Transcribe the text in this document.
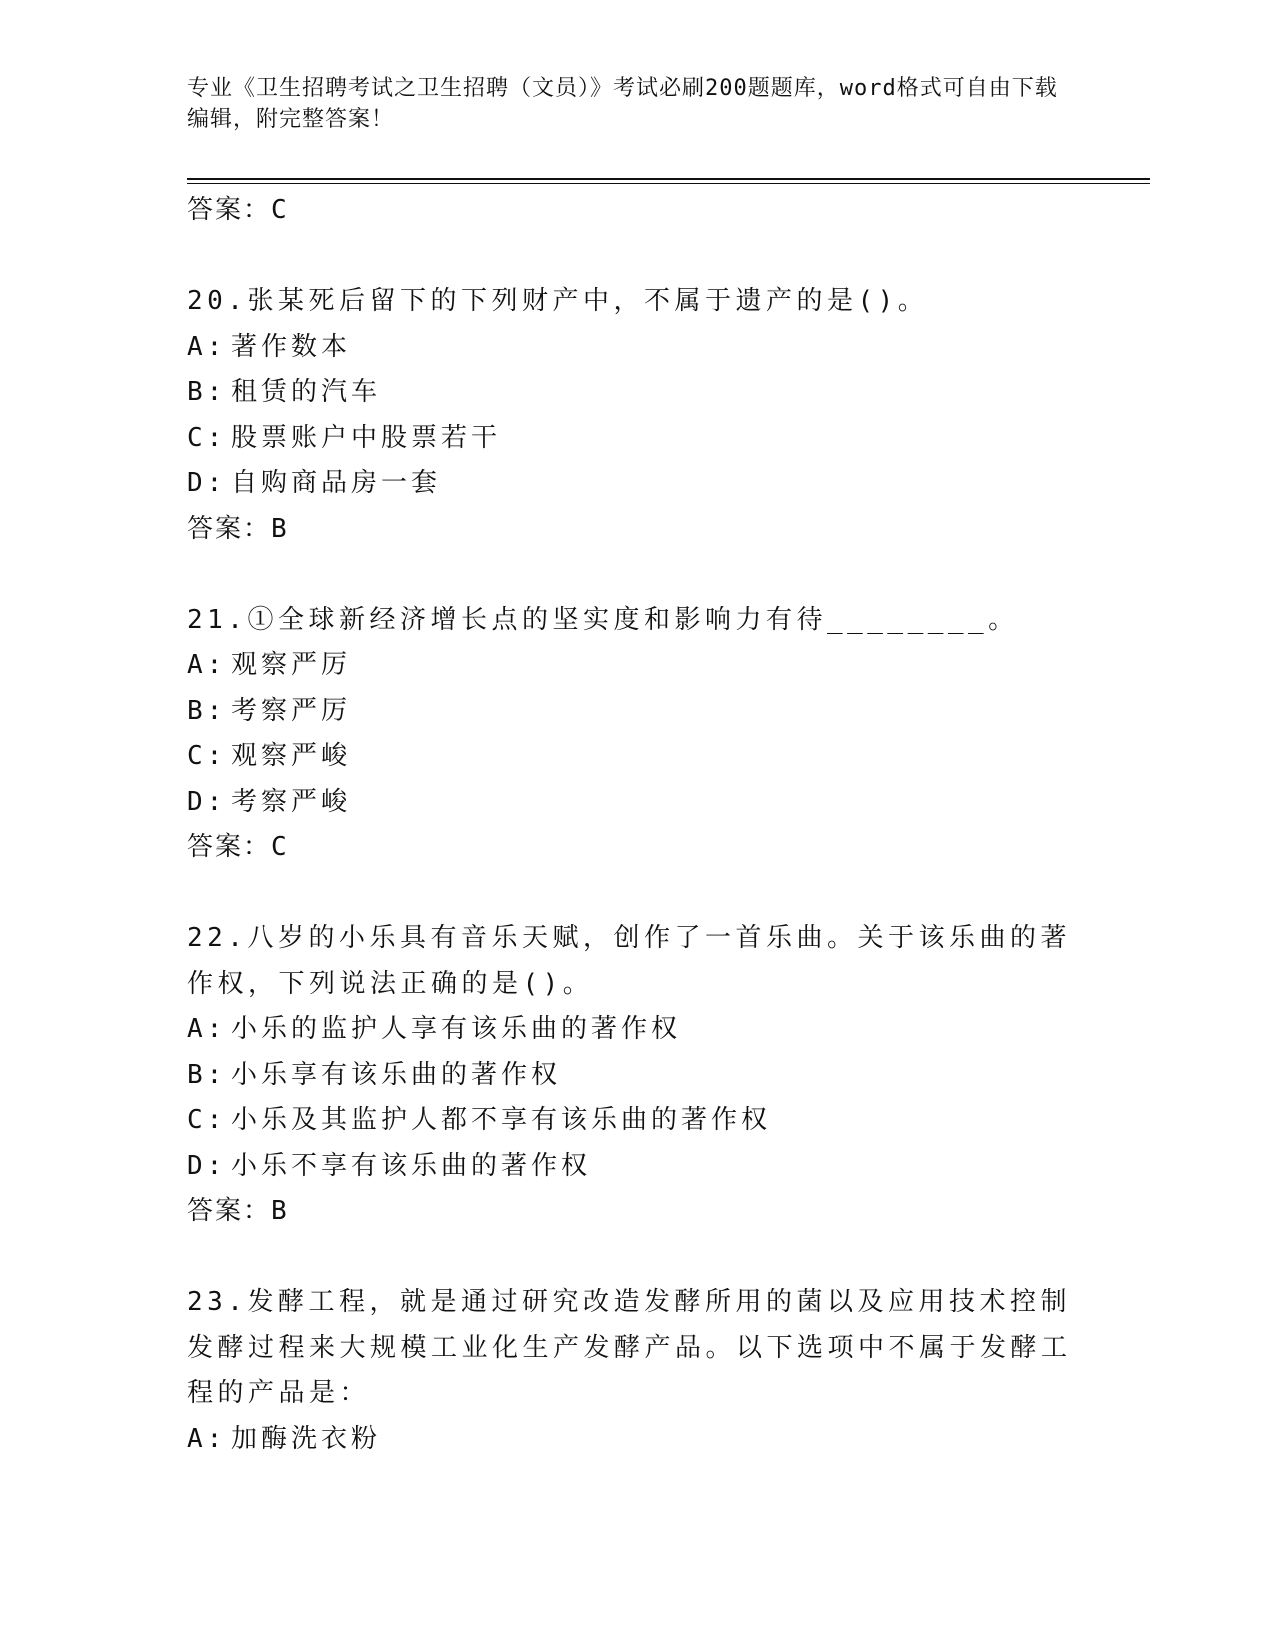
专业《卫生招聘考试之卫生招聘（文员）》考试必刷200题题库，word格式可自由下载编辑，附完整答案！
答案：C
20.张某死后留下的下列财产中，不属于遗产的是()。
A: 著作数本
B: 租赁的汽车
C: 股票账户中股票若干
D: 自购商品房一套
答案：B
21.①全球新经济增长点的坚实度和影响力有待________。
A: 观察严厉
B: 考察严厉
C: 观察严峻
D: 考察严峻
答案：C
22.八岁的小乐具有音乐天赋，创作了一首乐曲。关于该乐曲的著作权，下列说法正确的是()。
A: 小乐的监护人享有该乐曲的著作权
B: 小乐享有该乐曲的著作权
C: 小乐及其监护人都不享有该乐曲的著作权
D: 小乐不享有该乐曲的著作权
答案：B
23.发酵工程，就是通过研究改造发酵所用的菌以及应用技术控制发酵过程来大规模工业化生产发酵产品。以下选项中不属于发酵工程的产品是：
A: 加酶洗衣粉
